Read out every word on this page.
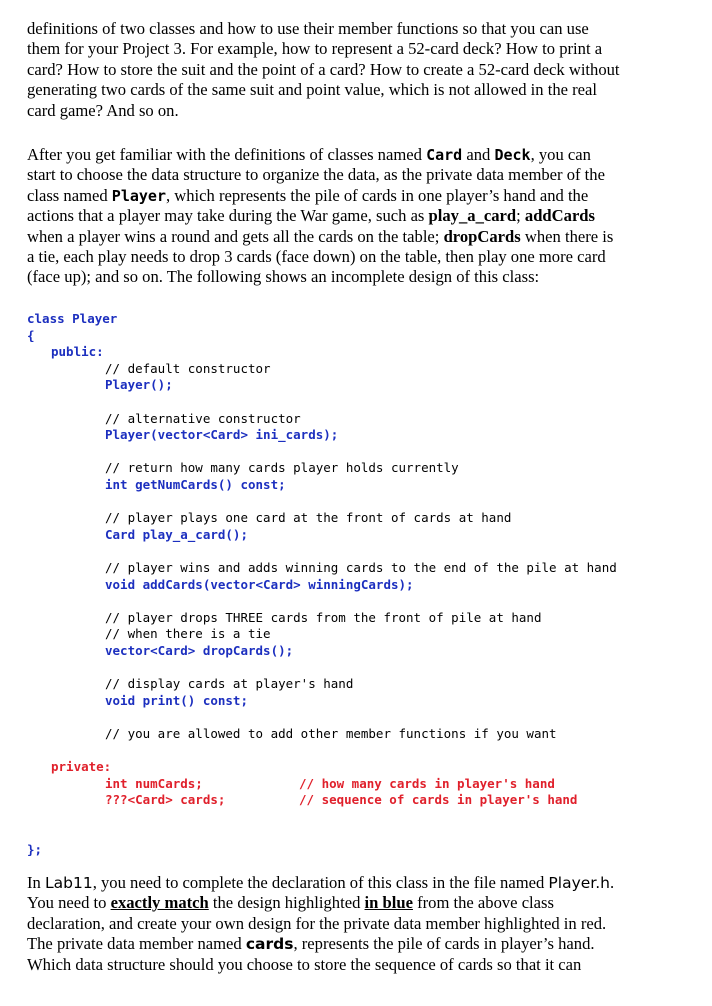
definitions of two classes and how to use their member functions so that you can use
them for your Project 3. For example, how to represent a 52-card deck? How to print a
card? How to store the suit and the point of a card? How to create a 52-card deck without
generating two cards of the same suit and point value, which is not allowed in the real
card game? And so on.
After you get familiar with the definitions of classes named Card and Deck, you can
start to choose the data structure to organize the data, as the private data member of the
class named Player, which represents the pile of cards in one player’s hand and the
actions that a player may take during the War game, such as play_a_card; addCards
when a player wins a round and gets all the cards on the table; dropCards when there is
a tie, each play needs to drop 3 cards (face down) on the table, then play one more card
(face up); and so on. The following shows an incomplete design of this class:
class Player
{
public:
// default constructor
Player();
// alternative constructor
Player(vector<Card> ini_cards);
// return how many cards player holds currently
int getNumCards() const;
// player plays one card at the front of cards at hand
Card play_a_card();
// player wins and adds winning cards to the end of the pile at hand
void addCards(vector<Card> winningCards);
// player drops THREE cards from the front of pile at hand
// when there is a tie
vector<Card> dropCards();
// display cards at player's hand
void print() const;
// you are allowed to add other member functions if you want
private:
int numCards;	// how many cards in player's hand
???<Card> cards;	// sequence of cards in player's hand
};
In Lab11, you need to complete the declaration of this class in the file named Player.h.
You need to exactly match the design highlighted in blue from the above class
declaration, and create your own design for the private data member highlighted in red.
The private data member named cards, represents the pile of cards in player’s hand.
Which data structure should you choose to store the sequence of cards so that it can
